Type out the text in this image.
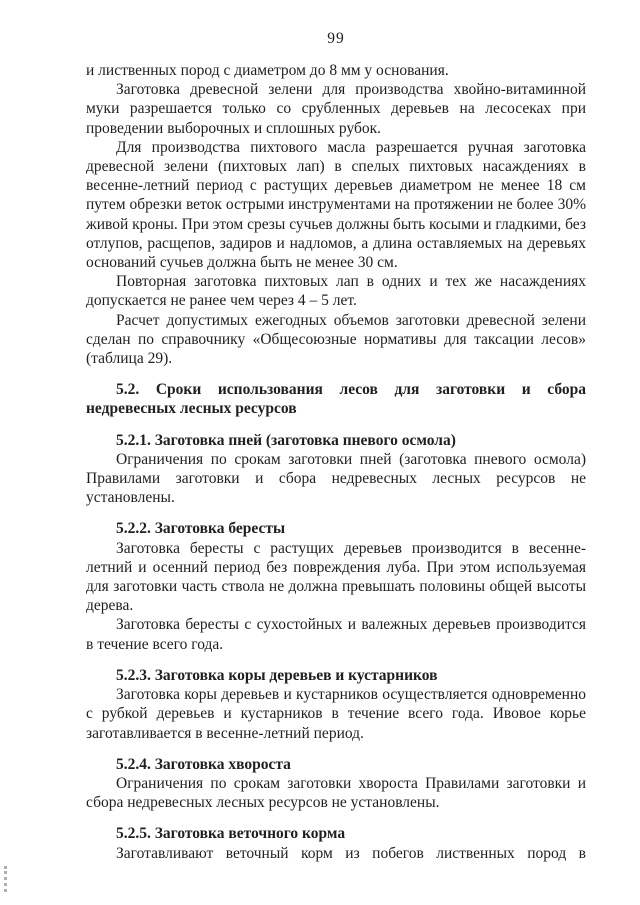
99

и лиственных пород с диаметром до 8 мм у основания.

Заготовка древесной зелени для производства хвойно-витаминной муки разрешается только со срубленных деревьев на лесосеках при проведении выборочных и сплошных рубок.

Для производства пихтового масла разрешается ручная заготовка древесной зелени (пихтовых лап) в спелых пихтовых насаждениях в весенне-летний период с растущих деревьев диаметром не менее 18 см путем обрезки веток острыми инструментами на протяжении не более 30% живой кроны. При этом срезы сучьев должны быть косыми и гладкими, без отлупов, расщепов, задиров и надломов, а длина оставляемых на деревьях оснований сучьев должна быть не менее 30 см.

Повторная заготовка пихтовых лап в одних и тех же насаждениях допускается не ранее чем через 4 – 5 лет.

Расчет допустимых ежегодных объемов заготовки древесной зелени сделан по справочнику «Общесоюзные нормативы для таксации лесов» (таблица 29).

5.2. Сроки использования лесов для заготовки и сбора
недревесных лесных ресурсов

5.2.1. Заготовка пней (заготовка пневого осмола)

Ограничения по срокам заготовки пней (заготовка пневого осмола) Правилами заготовки и сбора недревесных лесных ресурсов не установлены.

5.2.2. Заготовка бересты

Заготовка бересты с растущих деревьев производится в весенне-летний и осенний период без повреждения луба. При этом используемая для заготовки часть ствола не должна превышать половины общей высоты дерева.

Заготовка бересты с сухостойных и валежных деревьев производится в течение всего года.

5.2.3. Заготовка коры деревьев и кустарников

Заготовка коры деревьев и кустарников осуществляется одновременно с рубкой деревьев и кустарников в течение всего года. Ивовое корье заготавливается в весенне-летний период.

5.2.4. Заготовка хвороста

Ограничения по срокам заготовки хвороста Правилами заготовки и сбора недревесных лесных ресурсов не установлены.

5.2.5. Заготовка веточного корма

Заготавливают веточный корм из побегов лиственных пород в
